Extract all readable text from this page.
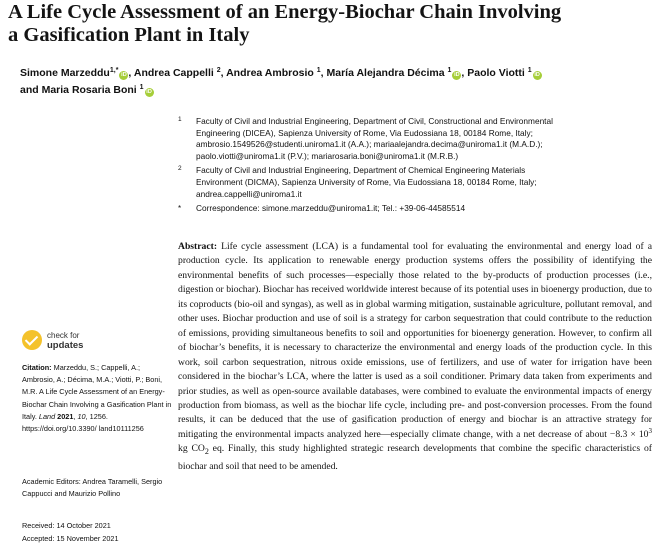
A Life Cycle Assessment of an Energy-Biochar Chain Involving
a Gasification Plant in Italy
Simone Marzeddu$^{1,*}$iD , Andrea Cappelli $^2$, Andrea Ambrosio $^1$, María Alejandra Décima $^1$iD , Paolo Viotti $^1$iD
and Maria Rosaria Boni $^1$iD
1 Faculty of Civil and Industrial Engineering, Department of Civil, Constructional and Environmental
Engineering (DICEA), Sapienza University of Rome, Via Eudossiana 18, 00184 Rome, Italy;
ambrosio.1549526@studenti.uniroma1.it (A.A.); mariaalejandra.decima@uniroma1.it (M.A.D.);
paolo.viotti@uniroma1.it (P.V.); mariarosaria.boni@uniroma1.it (M.R.B.)
2 Faculty of Civil and Industrial Engineering, Department of Chemical Engineering Materials
Environment (DICMA), Sapienza University of Rome, Via Eudossiana 18, 00184 Rome, Italy;
andrea.cappelli@uniroma1.it
* Correspondence: simone.marzeddu@uniroma1.it; Tel.: +39-06-44585514
Abstract: Life cycle assessment (LCA) is a fundamental tool for evaluating the environmental and energy load of a production cycle. Its application to renewable energy production systems offers the possibility of identifying the environmental benefits of such processes—especially those related to the by-products of production processes (i.e., digestion or biochar). Biochar has received worldwide interest because of its potential uses in bioenergy production, due to its coproducts (bio-oil and syngas), as well as in global warming mitigation, sustainable agriculture, pollutant removal, and other uses. Biochar production and use of soil is a strategy for carbon sequestration that could contribute to the reduction of emissions, providing simultaneous benefits to soil and opportunities for bioenergy generation. However, to confirm all of biochar’s benefits, it is necessary to characterize the environmental and energy loads of the production cycle. In this work, soil carbon sequestration, nitrous oxide emissions, use of fertilizers, and use of water for irrigation have been considered in the biochar’s LCA, where the latter is used as a soil conditioner. Primary data taken from experiments and prior studies, as well as open-source available databases, were combined to evaluate the environmental impacts of energy production from biomass, as well as the biochar life cycle, including pre- and post-conversion processes. From the found results, it can be deduced that the use of gasification production of energy and biochar is an attractive strategy for mitigating the environmental impacts analyzed here—especially climate change, with a net decrease of about $-8.3 \times 10^3$ kg $CO_2$ eq. Finally, this study highlighted strategic research developments that combine the specific characteristics of biochar and soil that need to be amended.
check for
updates
Citation: Marzeddu, S.; Cappelli, A.; Ambrosio, A.; Décima, M.A.; Viotti, P.; Boni, M.R. A Life Cycle Assessment of an Energy-Biochar Chain Involving a Gasification Plant in Italy. Land 2021, 10, 1256. https://doi.org/10.3390/ land10111256
Academic Editors: Andrea Taramelli, Sergio Cappucci and Maurizio Pollino
Received: 14 October 2021
Accepted: 15 November 2021
